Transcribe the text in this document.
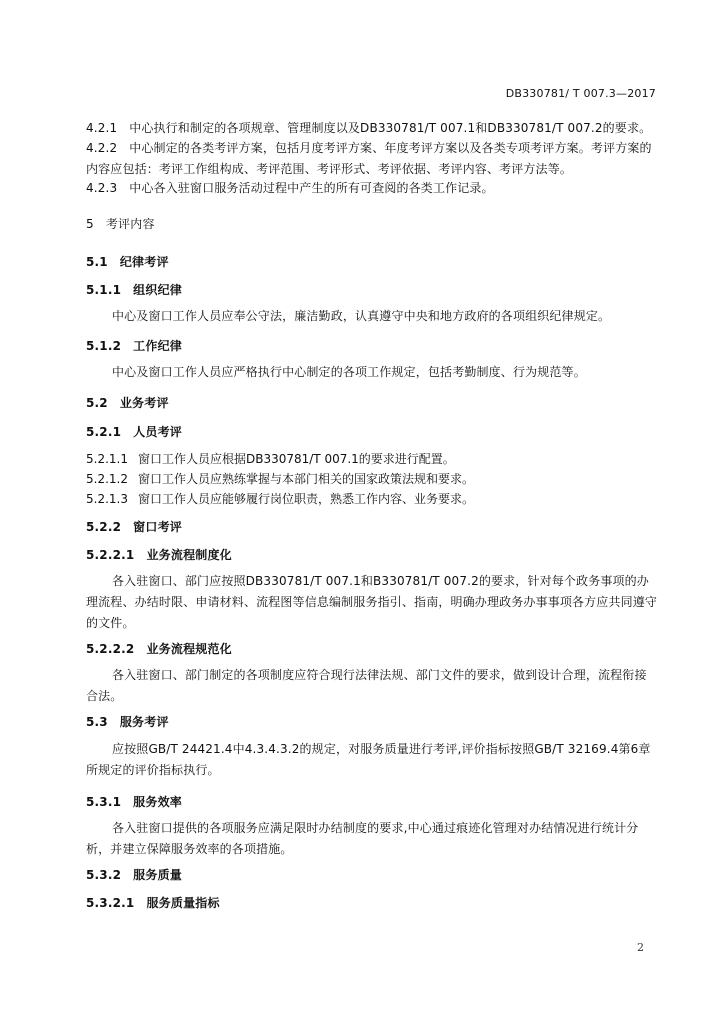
DB330781/ T 007.3—2017
4.2.1 中心执行和制定的各项规章、管理制度以及DB330781/T 007.1和DB330781/T 007.2的要求。
4.2.2 中心制定的各类考评方案，包括月度考评方案、年度考评方案以及各类专项考评方案。考评方案的内容应包括：考评工作组构成、考评范围、考评形式、考评依据、考评内容、考评方法等。
4.2.3 中心各入驻窗口服务活动过程中产生的所有可查阅的各类工作记录。
5 考评内容
5.1 纪律考评
5.1.1 组织纪律
中心及窗口工作人员应奉公守法，廉洁勤政，认真遵守中央和地方政府的各项组织纪律规定。
5.1.2 工作纪律
中心及窗口工作人员应严格执行中心制定的各项工作规定，包括考勤制度、行为规范等。
5.2 业务考评
5.2.1 人员考评
5.2.1.1 窗口工作人员应根据DB330781/T 007.1的要求进行配置。
5.2.1.2 窗口工作人员应熟练掌握与本部门相关的国家政策法规和要求。
5.2.1.3 窗口工作人员应能够履行岗位职责，熟悉工作内容、业务要求。
5.2.2 窗口考评
5.2.2.1 业务流程制度化
各入驻窗口、部门应按照DB330781/T 007.1和B330781/T 007.2的要求，针对每个政务事项的办理流程、办结时限、申请材料、流程图等信息编制服务指引、指南，明确办理政务办事事项各方应共同遵守的文件。
5.2.2.2 业务流程规范化
各入驻窗口、部门制定的各项制度应符合现行法律法规、部门文件的要求，做到设计合理，流程衔接合法。
5.3 服务考评
应按照GB/T 24421.4中4.3.4.3.2的规定，对服务质量进行考评,评价指标按照GB/T 32169.4第6章所规定的评价指标执行。
5.3.1 服务效率
各入驻窗口提供的各项服务应满足限时办结制度的要求,中心通过痕迹化管理对办结情况进行统计分析，并建立保障服务效率的各项措施。
5.3.2 服务质量
5.3.2.1 服务质量指标
2
